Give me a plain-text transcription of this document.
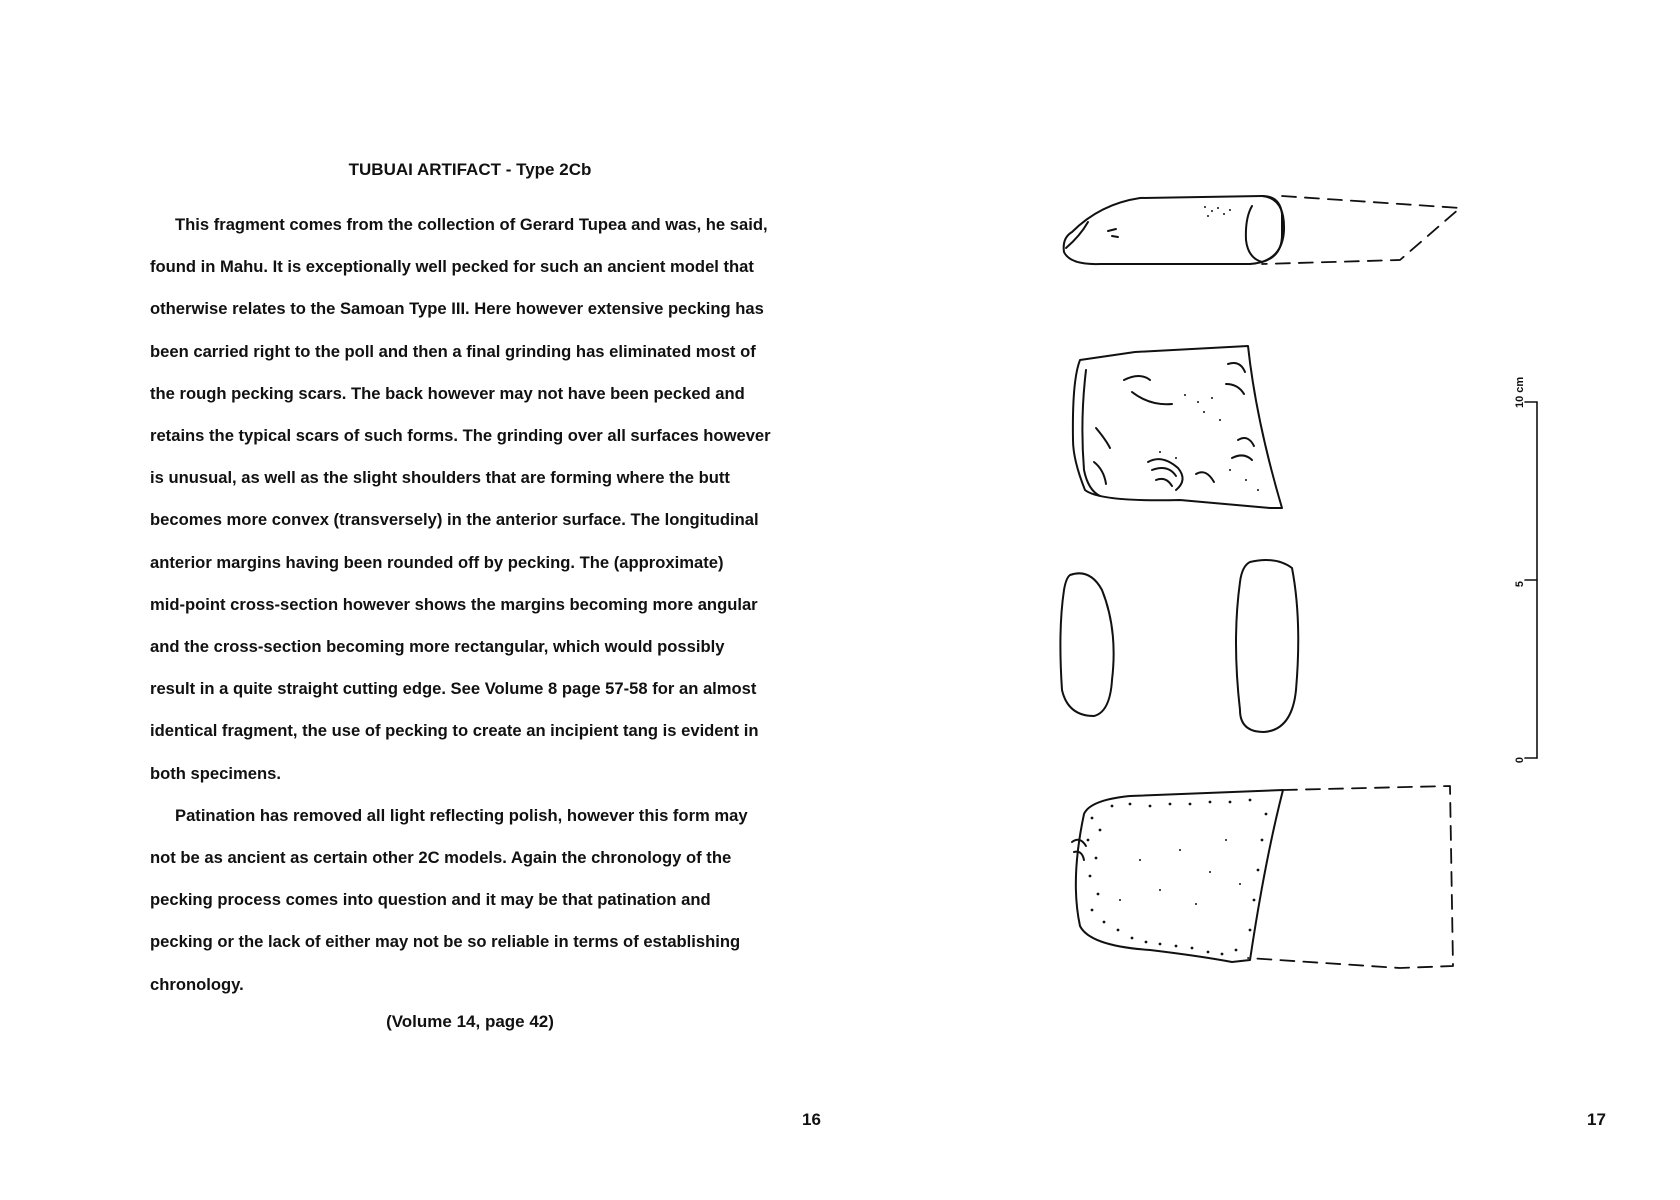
TUBUAI ARTIFACT - Type 2Cb

This fragment comes from the collection of Gerard Tupea and was, he said,
found in Mahu. It is exceptionally well pecked for such an ancient model that
otherwise relates to the Samoan Type III. Here however extensive pecking has
been carried right to the poll and then a final grinding has eliminated most of
the rough pecking scars. The back however may not have been pecked and
retains the typical scars of such forms. The grinding over all surfaces however
is unusual, as well as the slight shoulders that are forming where the butt
becomes more convex (transversely) in the anterior surface. The longitudinal
anterior margins having been rounded off by pecking. The (approximate)
mid-point cross-section however shows the margins becoming more angular
and the cross-section becoming more rectangular, which would possibly
result in a quite straight cutting edge. See Volume 8 page 57-58 for an almost
identical fragment, the use of pecking to create an incipient tang is evident in
both specimens.

Patination has removed all light reflecting polish, however this form may
not be as ancient as certain other 2C models. Again the chronology of the
pecking process comes into question and it may be that patination and
pecking or the lack of either may not be so reliable in terms of establishing
chronology.

(Volume 14, page 42)
16	17
10 cm
5
0
